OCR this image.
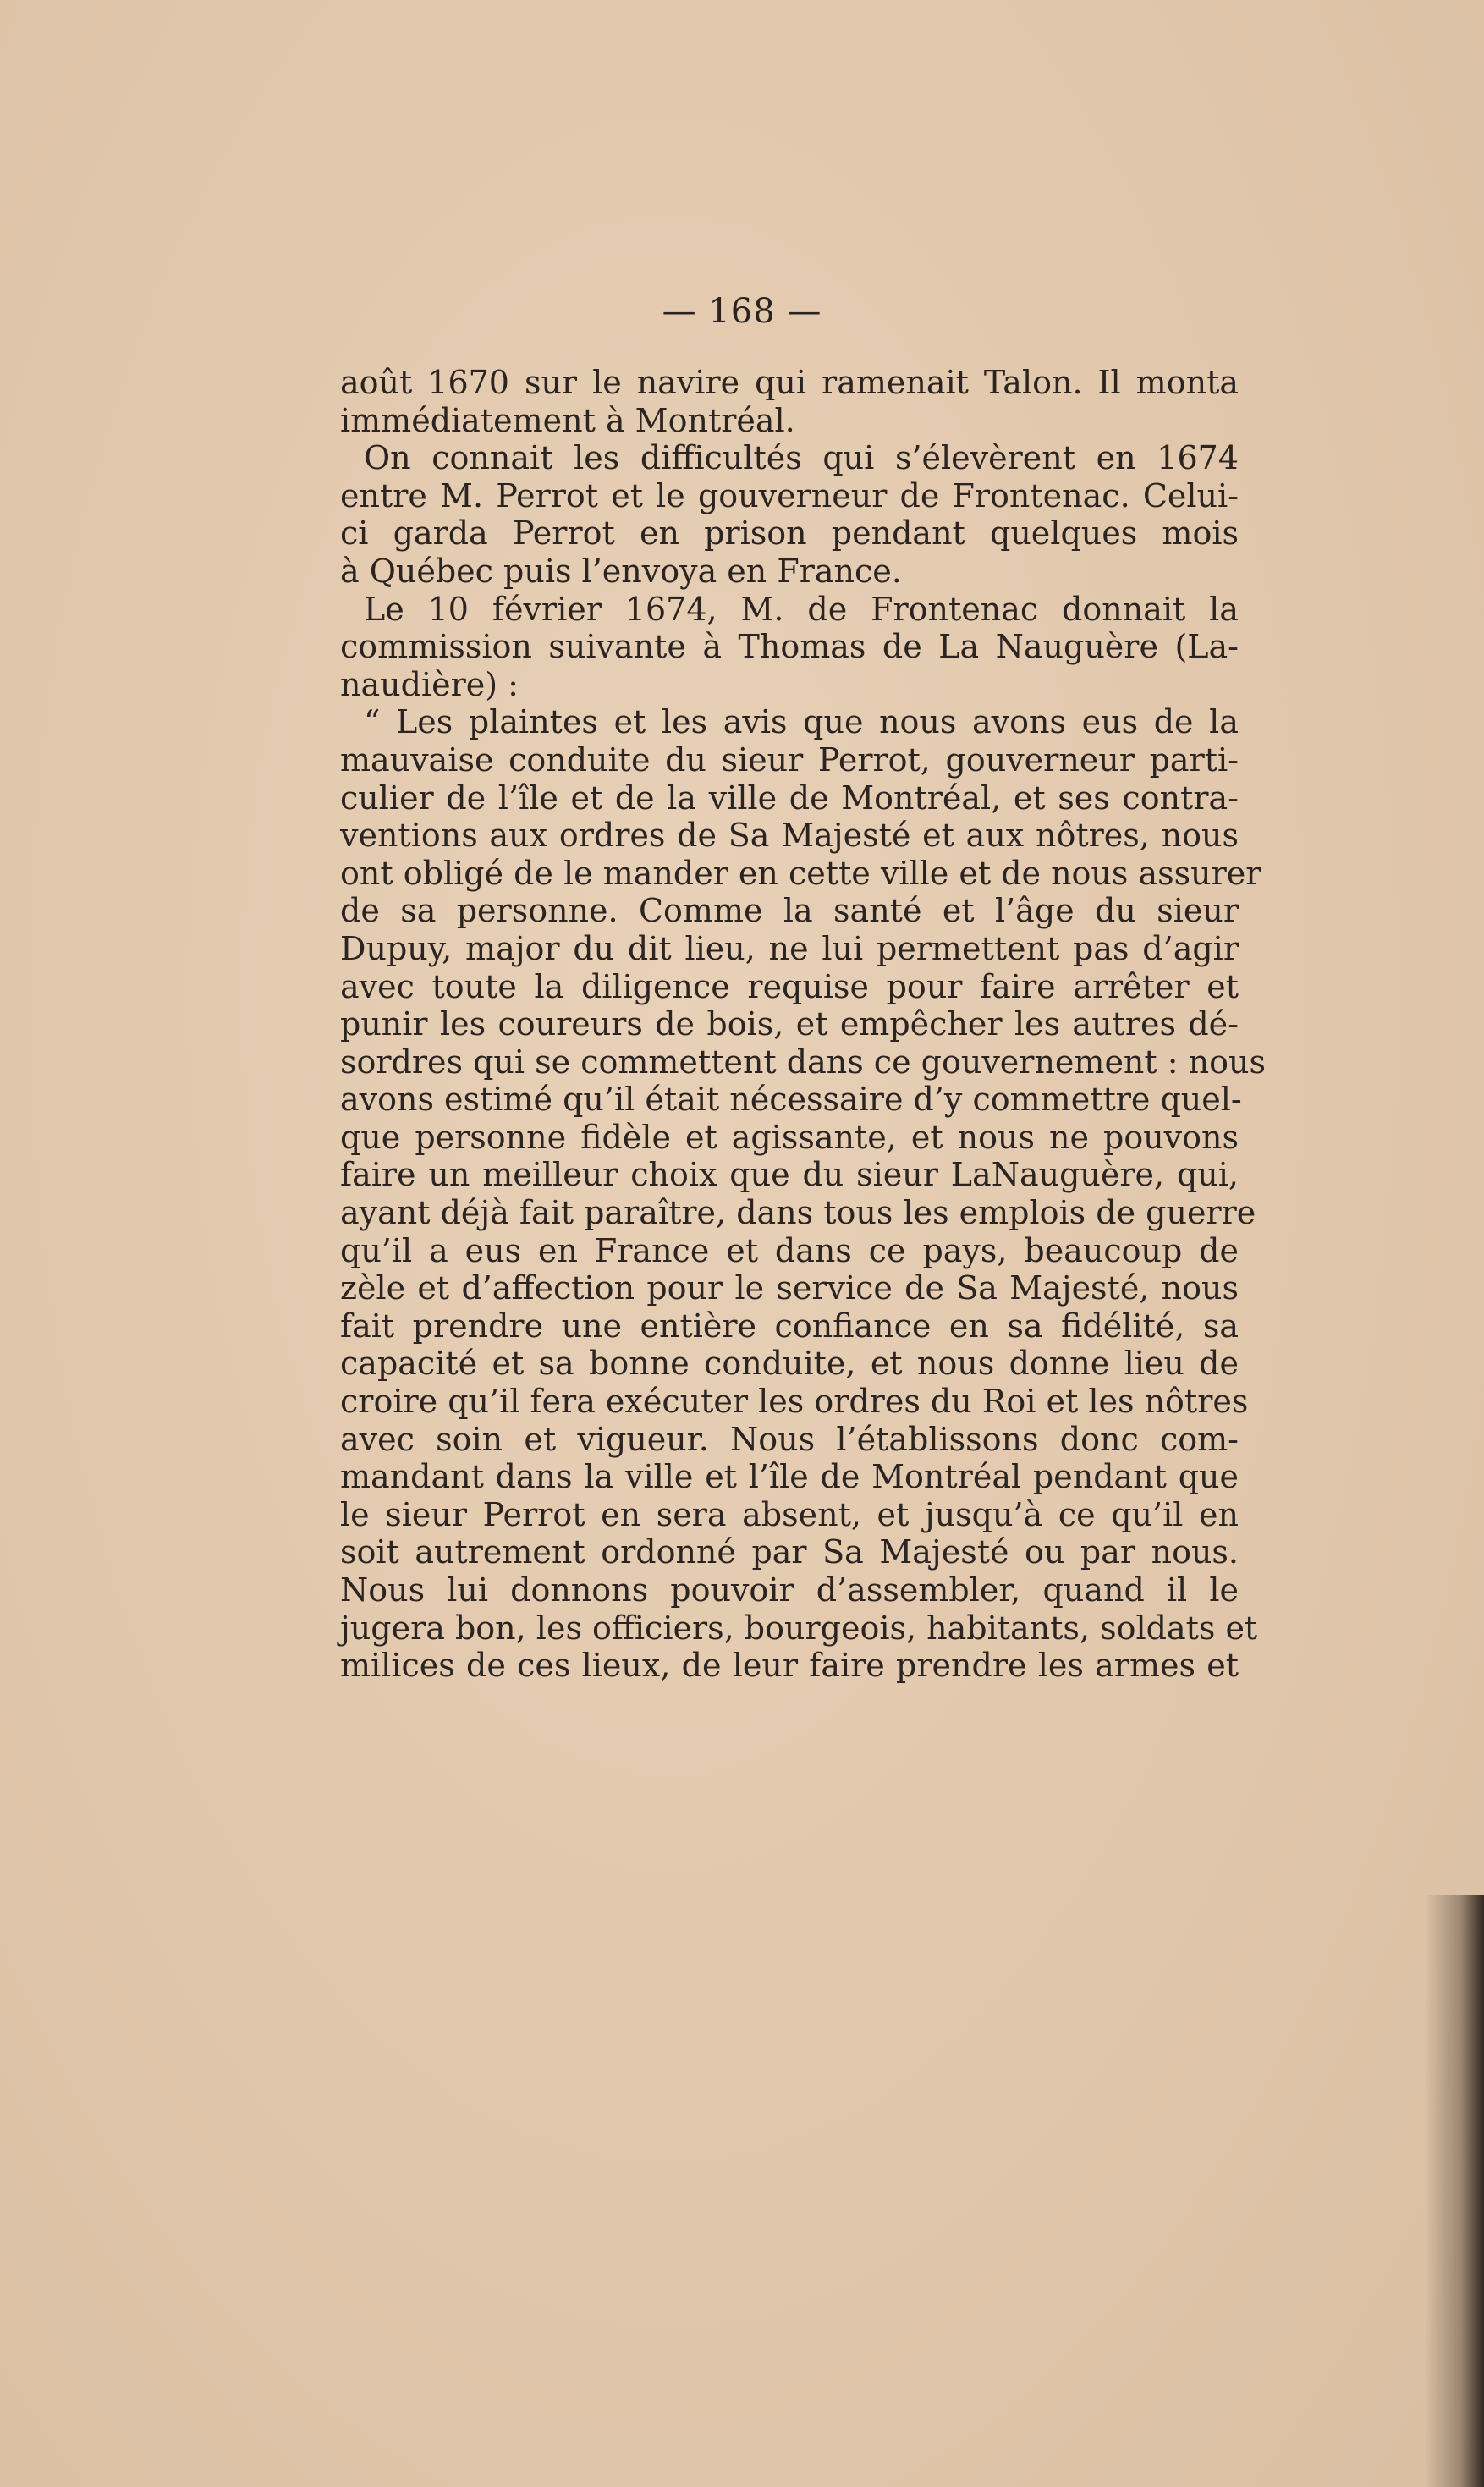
— 168 —
août 1670 sur le navire qui ramenait Talon. Il monta
immédiatement à Montréal.
On connait les difficultés qui s’élevèrent en 1674
entre M. Perrot et le gouverneur de Frontenac. Celui-
ci garda Perrot en prison pendant quelques mois
à Québec puis l’envoya en France.
Le 10 février 1674, M. de Frontenac donnait la
commission suivante à Thomas de La Nauguère (La-
naudière) :
“ Les plaintes et les avis que nous avons eus de la
mauvaise conduite du sieur Perrot, gouverneur parti-
culier de l’île et de la ville de Montréal, et ses contra-
ventions aux ordres de Sa Majesté et aux nôtres, nous
ont obligé de le mander en cette ville et de nous assurer
de sa personne. Comme la santé et l’âge du sieur
Dupuy, major du dit lieu, ne lui permettent pas d’agir
avec toute la diligence requise pour faire arrêter et
punir les coureurs de bois, et empêcher les autres dé-
sordres qui se commettent dans ce gouvernement : nous
avons estimé qu’il était nécessaire d’y commettre quel-
que personne fidèle et agissante, et nous ne pouvons
faire un meilleur choix que du sieur LaNauguère, qui,
ayant déjà fait paraître, dans tous les emplois de guerre
qu’il a eus en France et dans ce pays, beaucoup de
zèle et d’affection pour le service de Sa Majesté, nous
fait prendre une entière confiance en sa fidélité, sa
capacité et sa bonne conduite, et nous donne lieu de
croire qu’il fera exécuter les ordres du Roi et les nôtres
avec soin et vigueur. Nous l’établissons donc com-
mandant dans la ville et l’île de Montréal pendant que
le sieur Perrot en sera absent, et jusqu’à ce qu’il en
soit autrement ordonné par Sa Majesté ou par nous.
Nous lui donnons pouvoir d’assembler, quand il le
jugera bon, les officiers, bourgeois, habitants, soldats et
milices de ces lieux, de leur faire prendre les armes et
